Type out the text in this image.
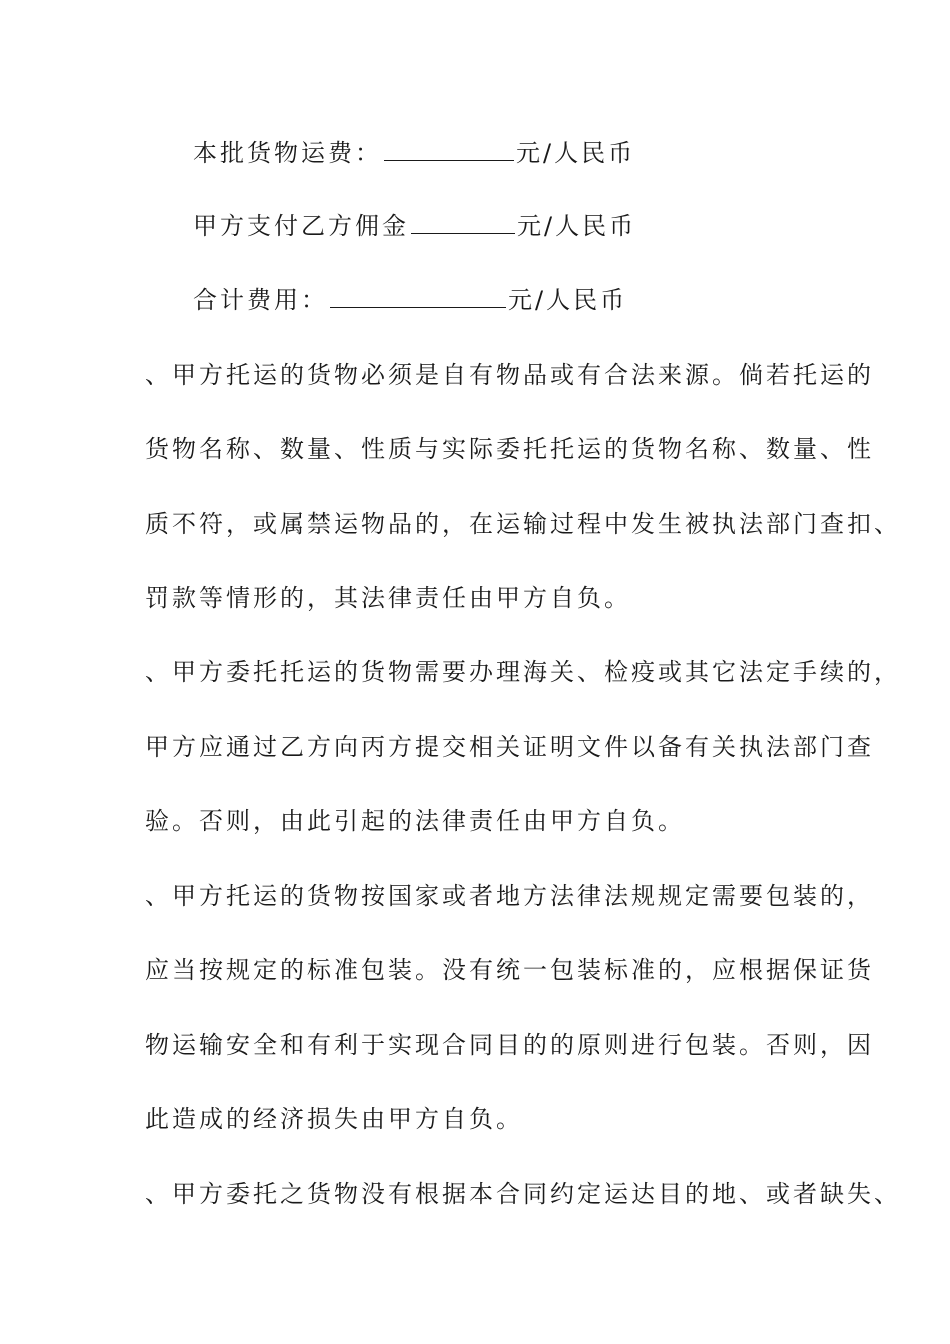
本批货物运费：	元/人民币
甲方支付乙方佣金	元/人民币
合计费用：	元/人民币
、甲方托运的货物必须是自有物品或有合法来源。倘若托运的
货物名称、数量、性质与实际委托托运的货物名称、数量、性
质不符，或属禁运物品的，在运输过程中发生被执法部门查扣、
罚款等情形的，其法律责任由甲方自负。
、甲方委托托运的货物需要办理海关、检疫或其它法定手续的，
甲方应通过乙方向丙方提交相关证明文件以备有关执法部门查
验。否则，由此引起的法律责任由甲方自负。
、甲方托运的货物按国家或者地方法律法规规定需要包装的，
应当按规定的标准包装。没有统一包装标准的，应根据保证货
物运输安全和有利于实现合同目的的原则进行包装。否则，因
此造成的经济损失由甲方自负。
、甲方委托之货物没有根据本合同约定运达目的地、或者缺失、
